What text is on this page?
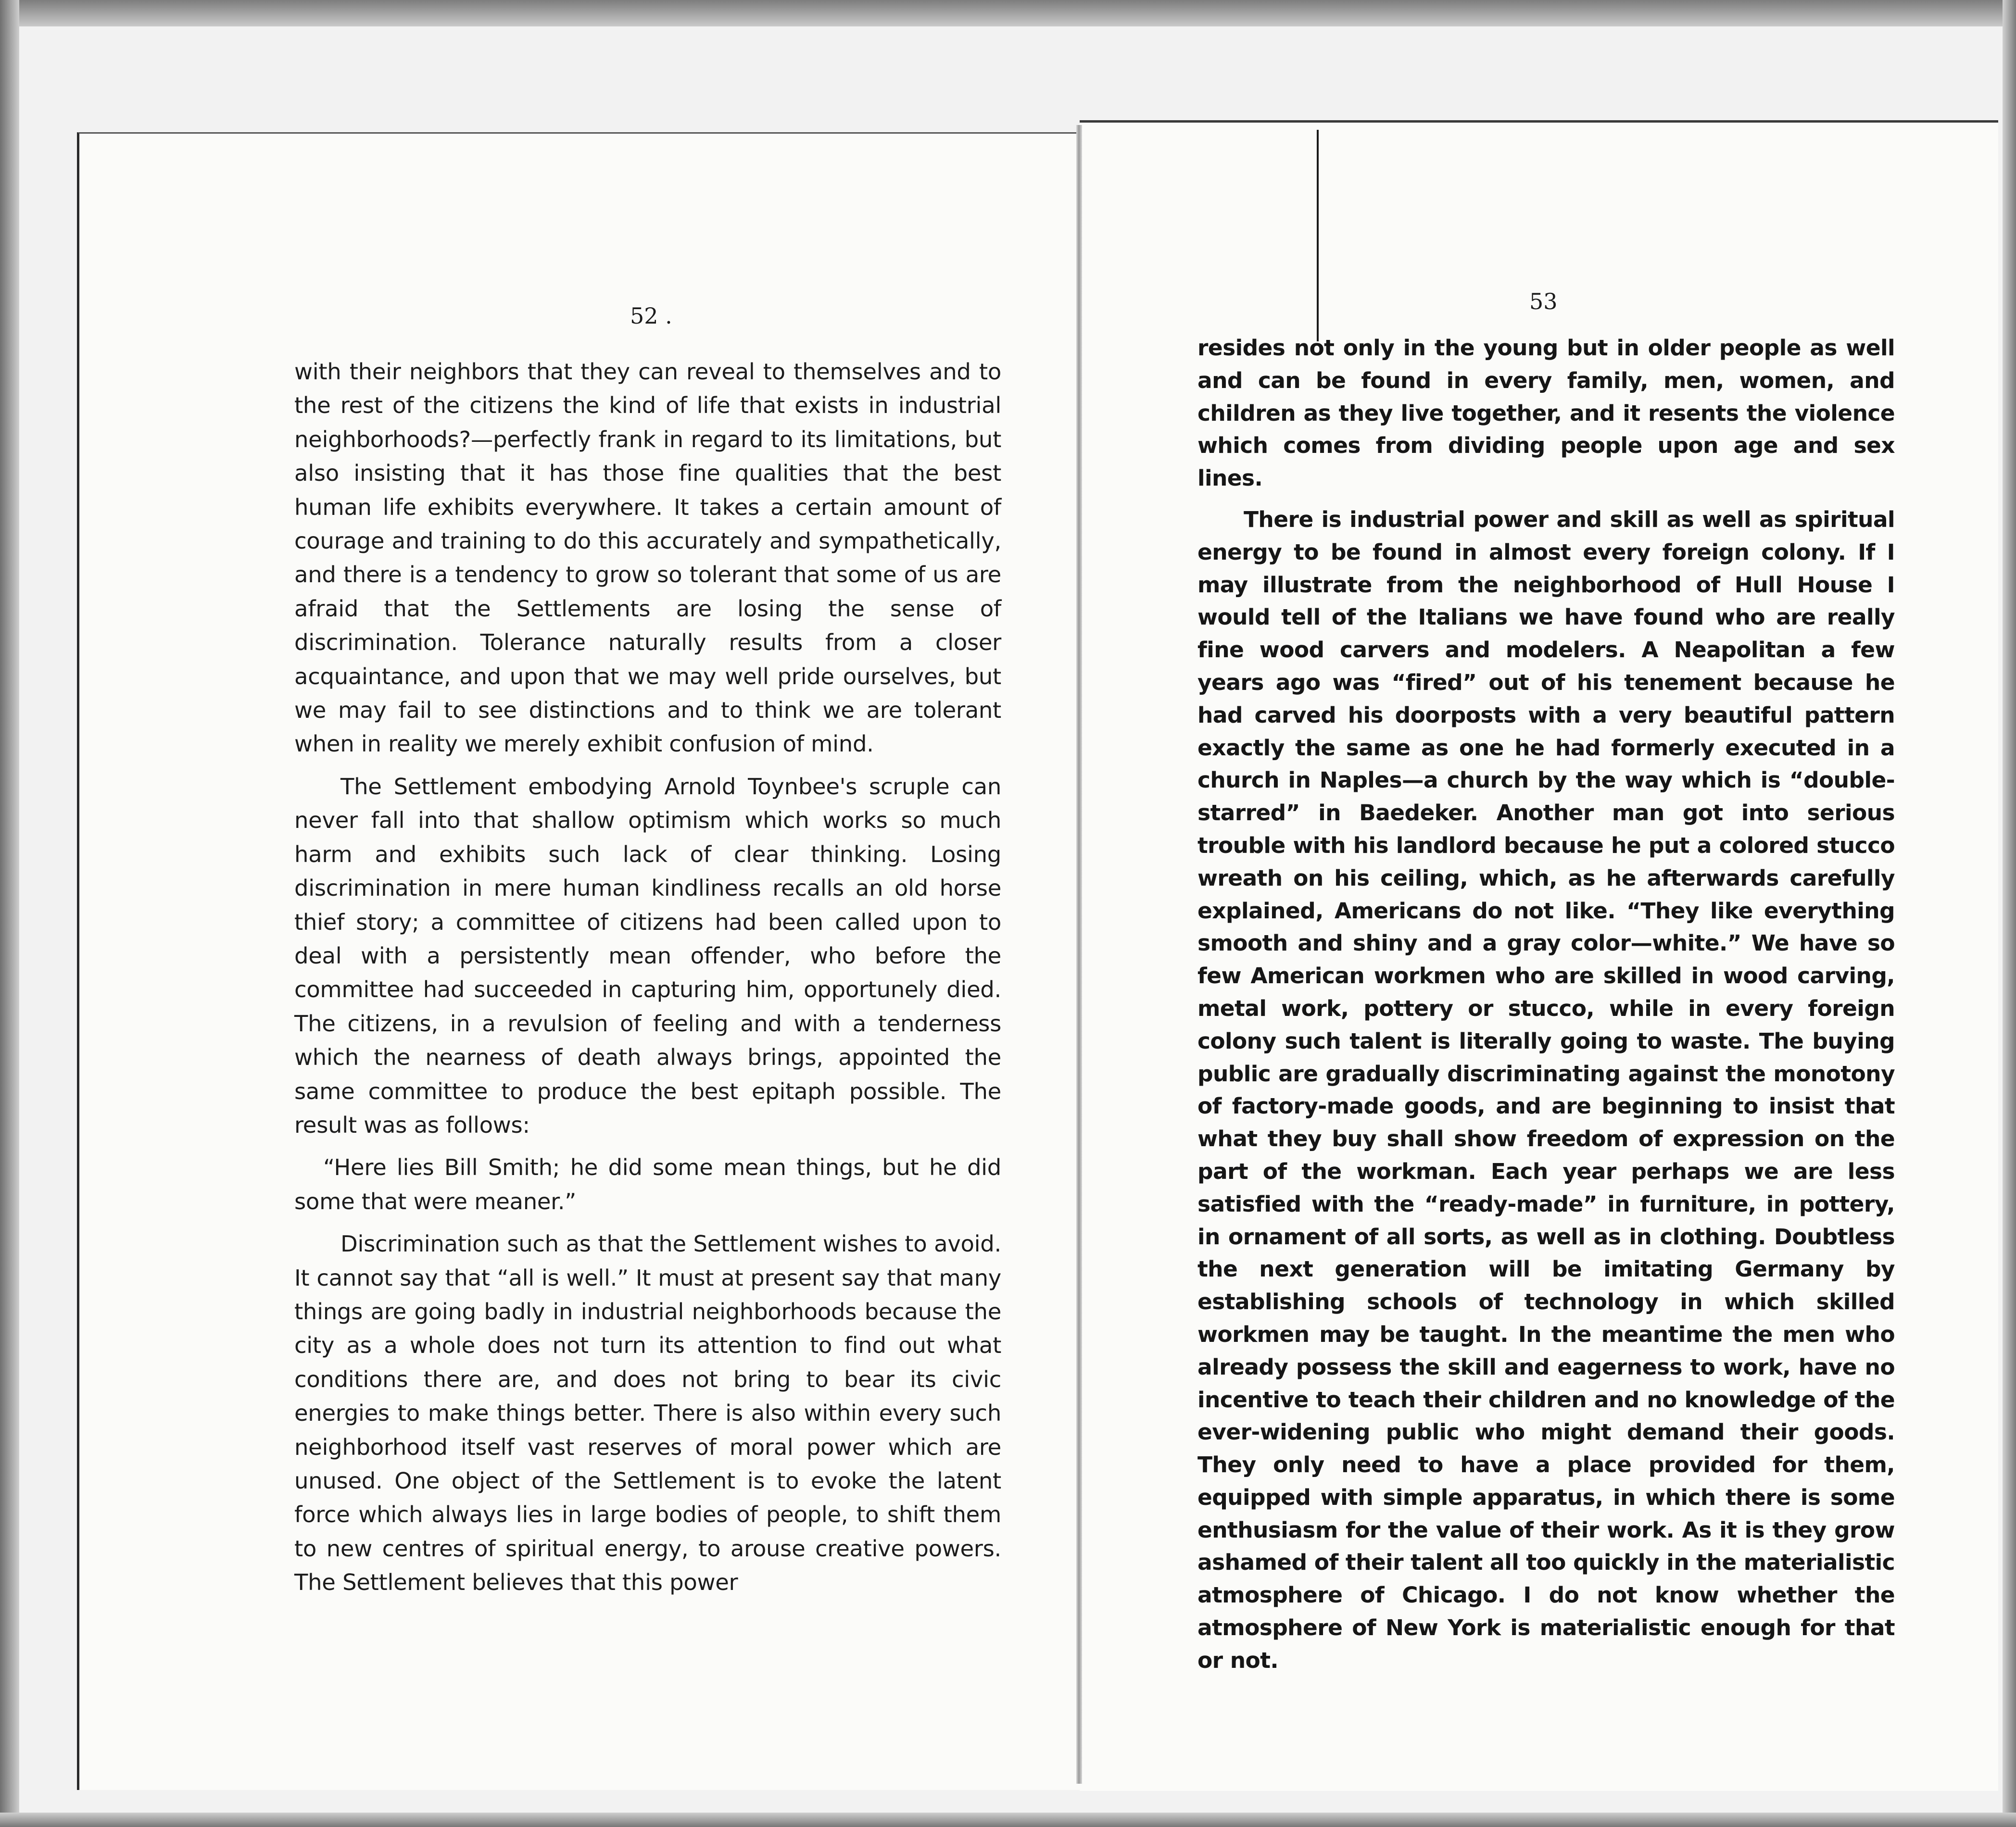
52 .
53

with their neighbors that they can reveal to themselves and to the rest of the citizens the kind of life that exists in industrial neighborhoods?—perfectly frank in regard to its limitations, but also insisting that it has those fine qualities that the best human life exhibits everywhere. It takes a certain amount of courage and training to do this accurately and sympathetically, and there is a tendency to grow so tolerant that some of us are afraid that the Settlements are losing the sense of discrimination. Tolerance naturally results from a closer acquaintance, and upon that we may well pride ourselves, but we may fail to see distinctions and to think we are tolerant when in reality we merely exhibit confusion of mind.

The Settlement embodying Arnold Toynbee's scruple can never fall into that shallow optimism which works so much harm and exhibits such lack of clear thinking. Losing discrimination in mere human kindliness recalls an old horse thief story; a committee of citizens had been called upon to deal with a persistently mean offender, who before the committee had succeeded in capturing him, opportunely died. The citizens, in a revulsion of feeling and with a tenderness which the nearness of death always brings, appointed the same committee to produce the best epitaph possible. The result was as follows:

“Here lies Bill Smith; he did some mean things, but he did some that were meaner.”

Discrimination such as that the Settlement wishes to avoid. It cannot say that “all is well.” It must at present say that many things are going badly in industrial neighborhoods because the city as a whole does not turn its attention to find out what conditions there are, and does not bring to bear its civic energies to make things better. There is also within every such neighborhood itself vast reserves of moral power which are unused. One object of the Settlement is to evoke the latent force which always lies in large bodies of people, to shift them to new centres of spiritual energy, to arouse creative powers. The Settlement believes that this power

resides not only in the young but in older people as well and can be found in every family, men, women, and children as they live together, and it resents the violence which comes from dividing people upon age and sex lines.

There is industrial power and skill as well as spiritual energy to be found in almost every foreign colony. If I may illustrate from the neighborhood of Hull House I would tell of the Italians we have found who are really fine wood carvers and modelers. A Neapolitan a few years ago was “fired” out of his tenement because he had carved his doorposts with a very beautiful pattern exactly the same as one he had formerly executed in a church in Naples—a church by the way which is “double-starred” in Baedeker. Another man got into serious trouble with his landlord because he put a colored stucco wreath on his ceiling, which, as he afterwards carefully explained, Americans do not like. “They like everything smooth and shiny and a gray color—white.” We have so few American workmen who are skilled in wood carving, metal work, pottery or stucco, while in every foreign colony such talent is literally going to waste. The buying public are gradually discriminating against the monotony of factory-made goods, and are beginning to insist that what they buy shall show freedom of expression on the part of the workman. Each year perhaps we are less satisfied with the “ready-made” in furniture, in pottery, in ornament of all sorts, as well as in clothing. Doubtless the next generation will be imitating Germany by establishing schools of technology in which skilled workmen may be taught. In the meantime the men who already possess the skill and eagerness to work, have no incentive to teach their children and no knowledge of the ever-widening public who might demand their goods. They only need to have a place provided for them, equipped with simple apparatus, in which there is some enthusiasm for the value of their work. As it is they grow ashamed of their talent all too quickly in the materialistic atmosphere of Chicago. I do not know whether the atmosphere of New York is materialistic enough for that or not.
